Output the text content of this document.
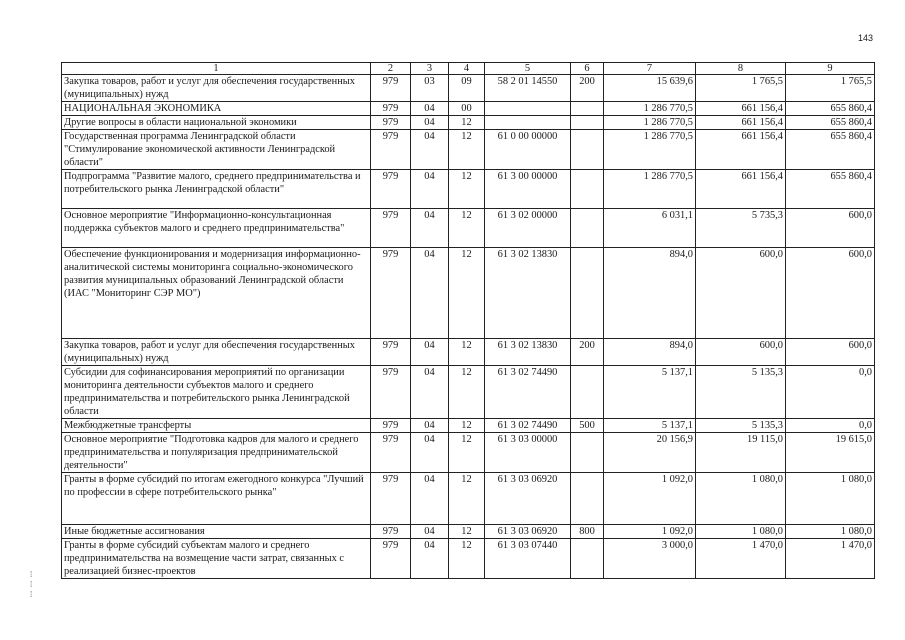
143
1	2	3	4	5	6	7	8	9
Закупка товаров, работ и услуг для обеспечения государственных (муниципальных) нужд	979	03	09	58 2 01 14550	200	15 639,6	1 765,5	1 765,5
НАЦИОНАЛЬНАЯ ЭКОНОМИКА	979	04	00			1 286 770,5	661 156,4	655 860,4
Другие вопросы в области национальной экономики	979	04	12			1 286 770,5	661 156,4	655 860,4
Государственная программа Ленинградской области "Стимулирование экономической активности Ленинградской области"	979	04	12	61 0 00 00000		1 286 770,5	661 156,4	655 860,4
Подпрограмма "Развитие малого, среднего предпринимательства и потребительского рынка Ленинградской области"	979	04	12	61 3 00 00000		1 286 770,5	661 156,4	655 860,4
Основное мероприятие "Информационно-консультационная поддержка субъектов малого и среднего предпринимательства"	979	04	12	61 3 02 00000		6 031,1	5 735,3	600,0
Обеспечение функционирования и модернизация информационно-аналитической системы мониторинга социально-экономического развития муниципальных образований Ленинградской области (ИАС "Мониторинг СЭР МО")	979	04	12	61 3 02 13830		894,0	600,0	600,0
Закупка товаров, работ и услуг для обеспечения государственных (муниципальных) нужд	979	04	12	61 3 02 13830	200	894,0	600,0	600,0
Субсидии для софинансирования мероприятий по организации мониторинга деятельности субъектов малого и среднего предпринимательства и потребительского рынка Ленинградской области	979	04	12	61 3 02 74490		5 137,1	5 135,3	0,0
Межбюджетные трансферты	979	04	12	61 3 02 74490	500	5 137,1	5 135,3	0,0
Основное мероприятие "Подготовка кадров для малого и среднего предпринимательства и популяризация предпринимательской деятельности"	979	04	12	61 3 03 00000		20 156,9	19 115,0	19 615,0
Гранты в форме субсидий по итогам ежегодного конкурса "Лучший по профессии в сфере потребительского рынка"	979	04	12	61 3 03 06920		1 092,0	1 080,0	1 080,0
Иные бюджетные ассигнования	979	04	12	61 3 03 06920	800	1 092,0	1 080,0	1 080,0
Гранты в форме субсидий субъектам малого и среднего предпринимательства на возмещение части затрат, связанных с реализацией бизнес-проектов	979	04	12	61 3 03 07440		3 000,0	1 470,0	1 470,0
⁞
⁞
⁞
